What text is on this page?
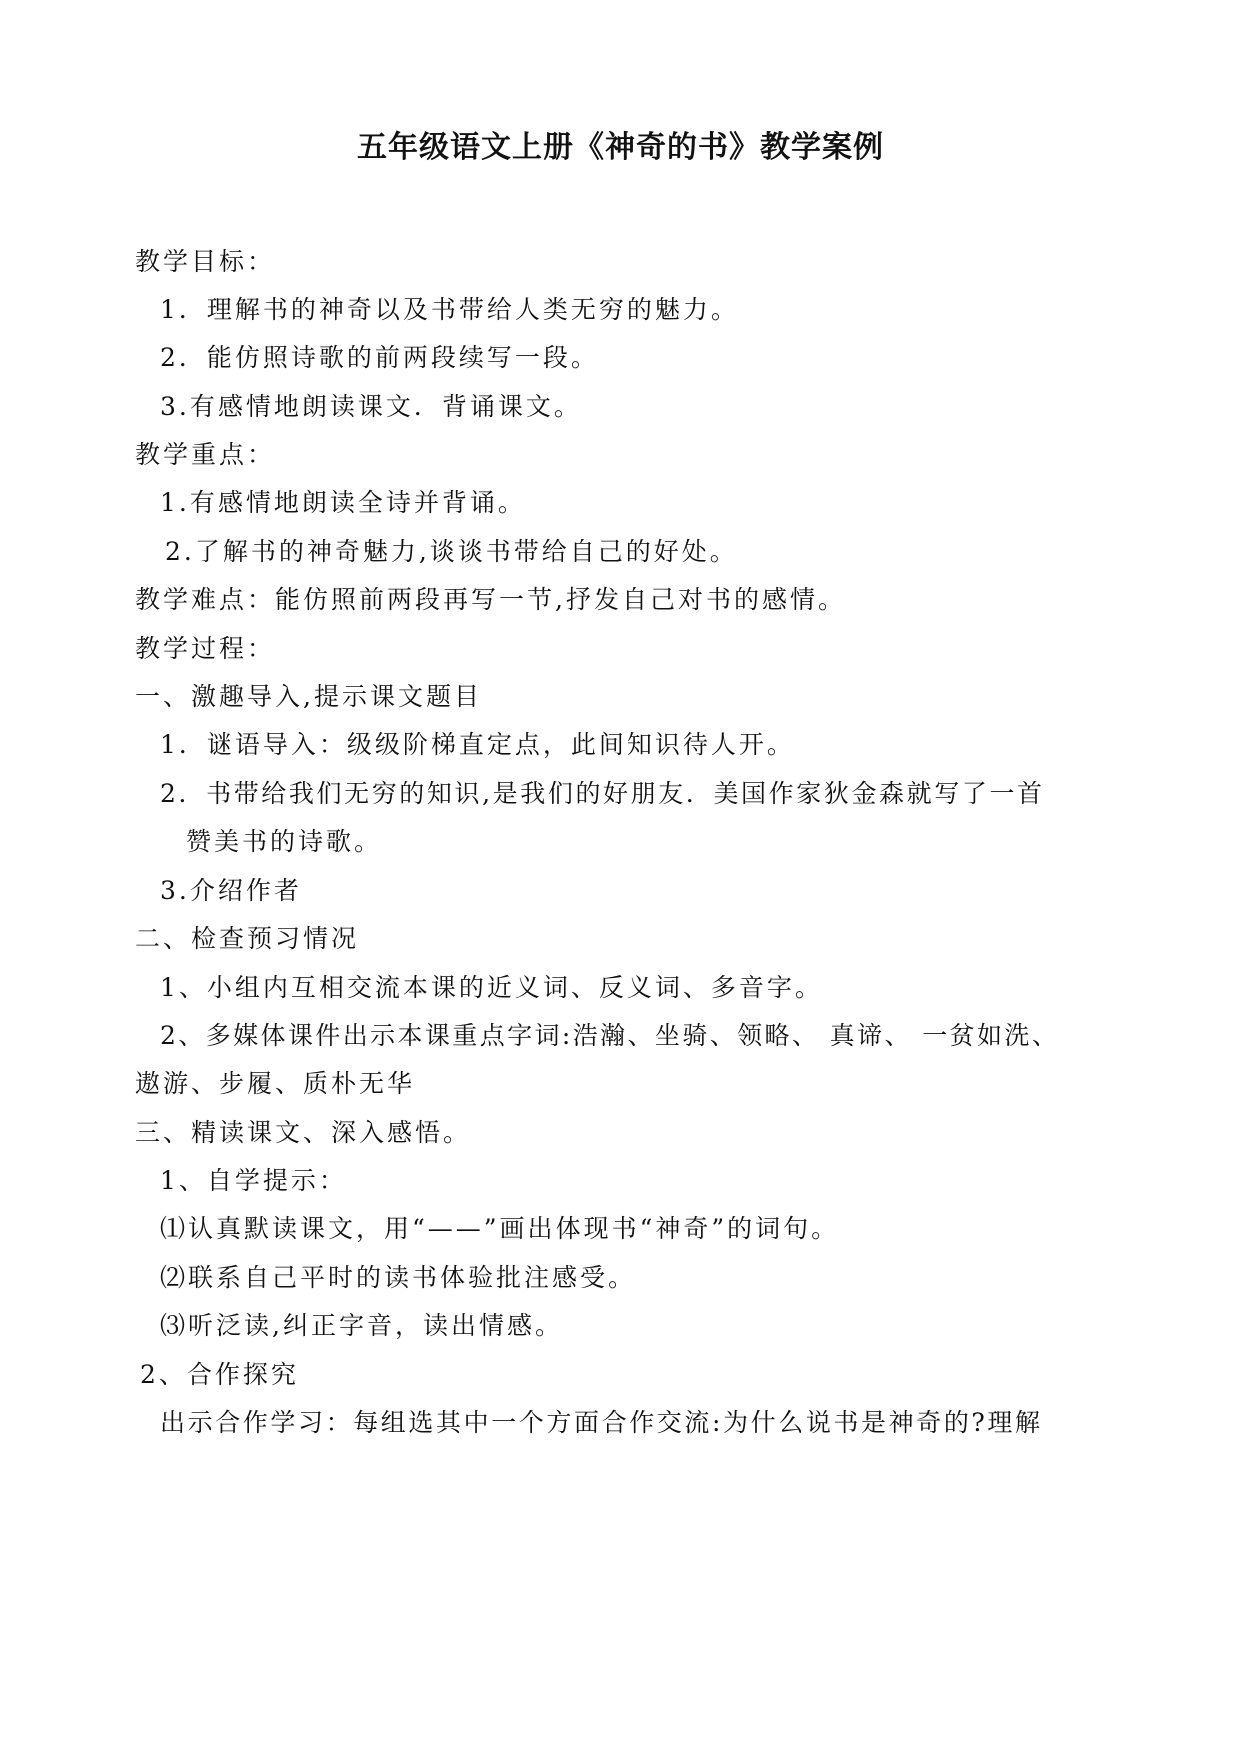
五年级语文上册《神奇的书》教学案例
教学目标：
1．理解书的神奇以及书带给人类无穷的魅力。
2．能仿照诗歌的前两段续写一段。
3.有感情地朗读课文．背诵课文。
教学重点：
1.有感情地朗读全诗并背诵。
2.了解书的神奇魅力,谈谈书带给自己的好处。
教学难点：能仿照前两段再写一节,抒发自己对书的感情。
教学过程：
一、激趣导入,提示课文题目
1．谜语导入：级级阶梯直定点，此间知识待人开。
2．书带给我们无穷的知识,是我们的好朋友．美国作家狄金森就写了一首
赞美书的诗歌。
3.介绍作者
二、检查预习情况
1、小组内互相交流本课的近义词、反义词、多音字。
2、多媒体课件出示本课重点字词:浩瀚、坐骑、领略、 真谛、 一贫如洗、
遨游、步履、质朴无华
三、精读课文、深入感悟。
1、自学提示：
⑴认真默读课文，用“——”画出体现书“神奇”的词句。
⑵联系自己平时的读书体验批注感受。
⑶听泛读,纠正字音，读出情感。
2、合作探究
出示合作学习：每组选其中一个方面合作交流:为什么说书是神奇的?理解
